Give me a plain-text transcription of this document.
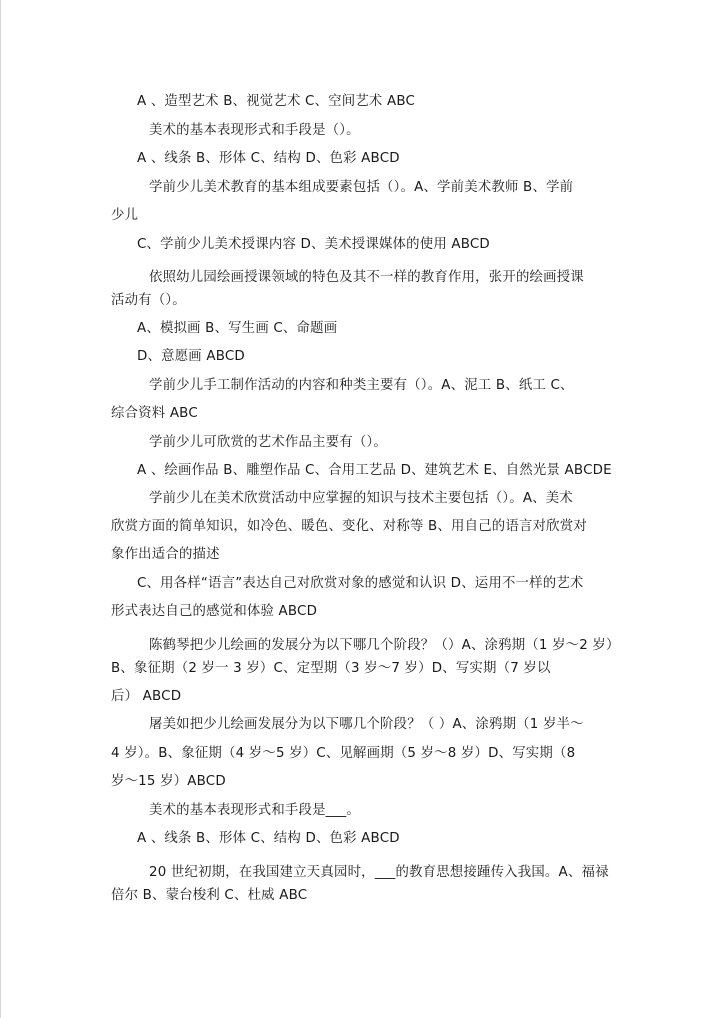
A 、造型艺术 B、视觉艺术 C、空间艺术 ABC
美术的基本表现形式和手段是（）。
A 、线条 B、形体 C、结构 D、色彩 ABCD
学前少儿美术教育的基本组成要素包括（）。A、学前美术教师 B、学前
少儿
C、学前少儿美术授课内容 D、美术授课媒体的使用 ABCD
依照幼儿园绘画授课领域的特色及其不一样的教育作用，张开的绘画授课
活动有（）。
A、模拟画 B、写生画 C、命题画
D、意愿画 ABCD
学前少儿手工制作活动的内容和种类主要有（）。A、泥工 B、纸工 C、
综合资料 ABC
学前少儿可欣赏的艺术作品主要有（）。
A 、绘画作品 B、雕塑作品 C、合用工艺品 D、建筑艺术 E、自然光景 ABCDE
学前少儿在美术欣赏活动中应掌握的知识与技术主要包括（）。A、美术
欣赏方面的简单知识，如冷色、暖色、变化、对称等 B、用自己的语言对欣赏对
象作出适合的描述
C、用各样“语言”表达自己对欣赏对象的感觉和认识 D、运用不一样的艺术
形式表达自己的感觉和体验 ABCD
陈鹤琴把少儿绘画的发展分为以下哪几个阶段？（）A、涂鸦期（1 岁～2 岁）
B、象征期（2 岁一 3 岁）C、定型期（3 岁～7 岁）D、写实期（7 岁以
后） ABCD
屠美如把少儿绘画发展分为以下哪几个阶段？（ ）A、涂鸦期（1 岁半～
4 岁）。B、象征期（4 岁～5 岁）C、见解画期（5 岁～8 岁）D、写实期（8
岁～15 岁）ABCD
美术的基本表现形式和手段是___。
A 、线条 B、形体 C、结构 D、色彩 ABCD
20 世纪初期，在我国建立天真园时，___的教育思想接踵传入我国。A、福禄
倍尔 B、蒙台梭利 C、杜威 ABC
